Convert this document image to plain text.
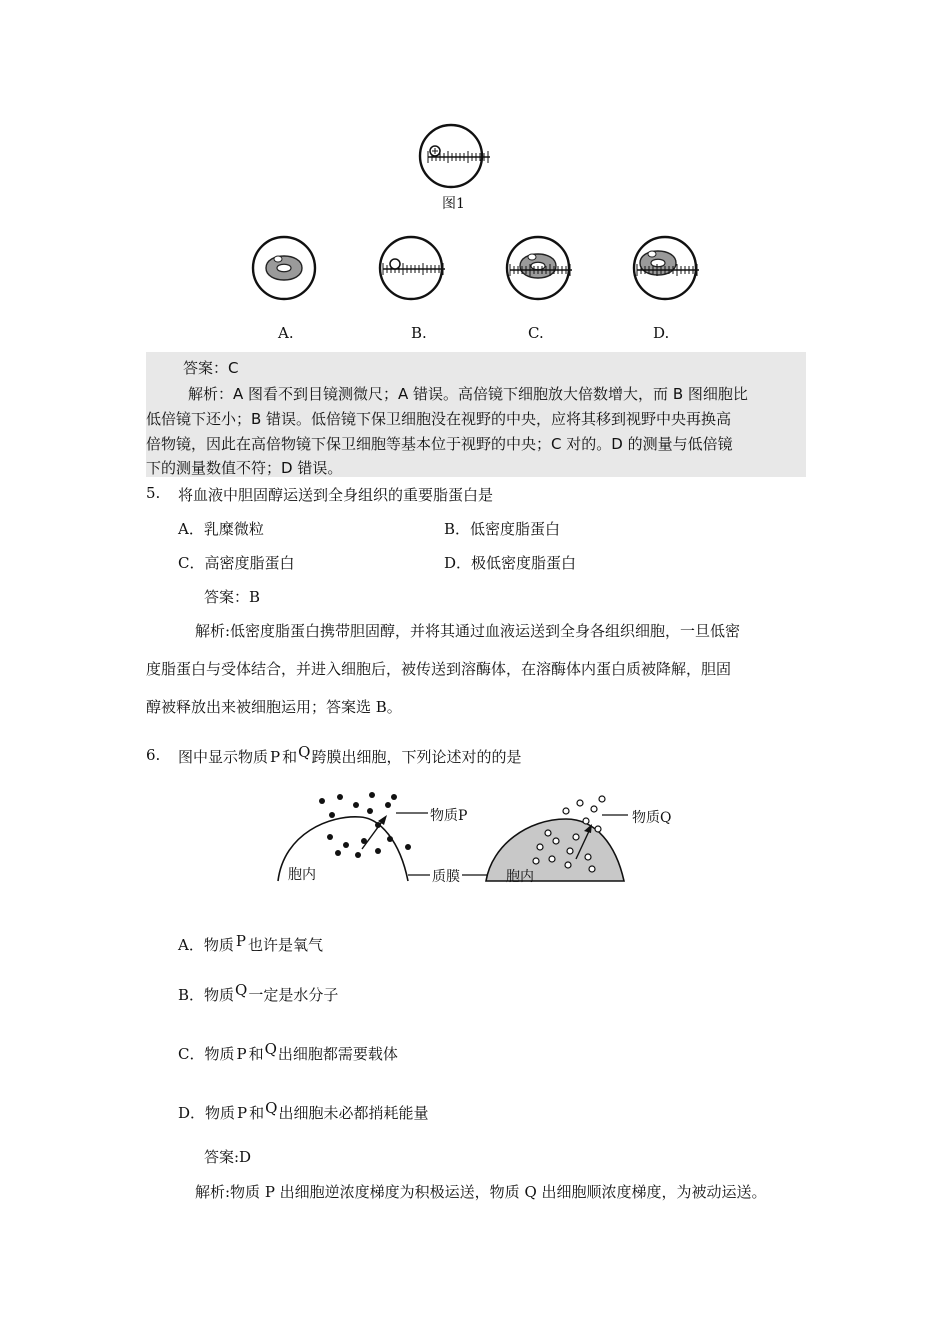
图1
A.	B.	C.	D.
答案：C
解析：A 图看不到目镜测微尺；A 错误。高倍镜下细胞放大倍数增大，而 B 图细胞比
低倍镜下还小；B 错误。低倍镜下保卫细胞没在视野的中央，应将其移到视野中央再换高
倍物镜，因此在高倍物镜下保卫细胞等基本位于视野的中央；C 对的。D 的测量与低倍镜
下的测量数值不符；D 错误。
5. 将血液中胆固醇运送到全身组织的重要脂蛋白是
A．乳糜微粒	B．低密度脂蛋白
C．高密度脂蛋白	D．极低密度脂蛋白
答案：B
解析:低密度脂蛋白携带胆固醇，并将其通过血液运送到全身各组织细胞，一旦低密
度脂蛋白与受体结合，并进入细胞后，被传送到溶酶体，在溶酶体内蛋白质被降解，胆固
醇被释放出来被细胞运用；答案选 B。
6. 图中显示物质 P 和Q跨膜出细胞，下列论述对的的是
物质P	物质Q
质膜
胞内	胞内
A．物质 P 也许是氧气
B．物质Q一定是水分子
C．物质 P 和Q出细胞都需要载体
D．物质 P 和Q出细胞未必都捎耗能量
答案:D
解析:物质 P 出细胞逆浓度梯度为积极运送，物质 Q 出细胞顺浓度梯度，为被动运送。
